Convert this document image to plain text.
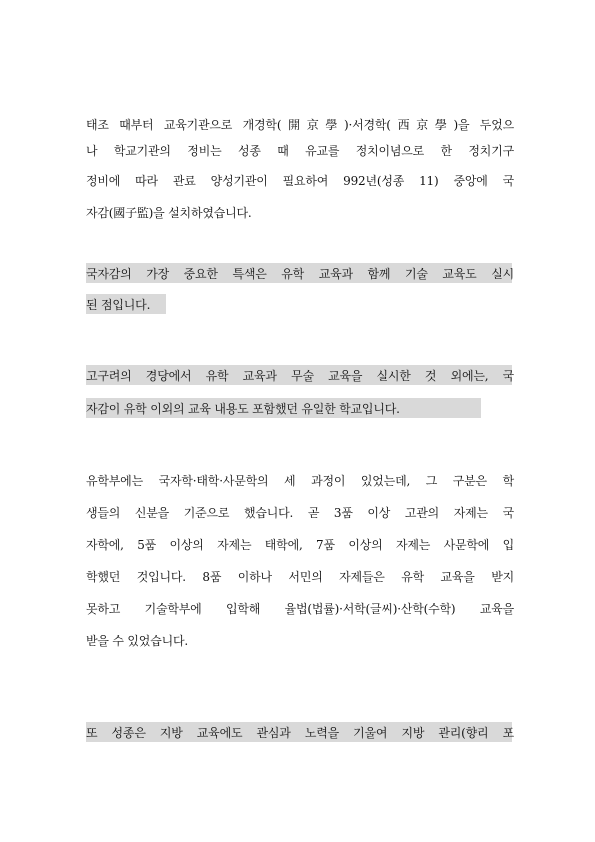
태조 때부터 교육기관으로 개경학(開京學)·서경학(西京學)을 두었으
나 학교기관의 정비는 성종 때 유교를 정치이념으로 한 정치기구
정비에 따라 관료 양성기관이 필요하여 992년(성종 11) 중앙에 국
자감(國子監)을 설치하였습니다.
국자감의 가장 중요한 특색은 유학 교육과 함께 기술 교육도 실시
된 점입니다.
고구려의 경당에서 유학 교육과 무술 교육을 실시한 것 외에는, 국
자감이 유학 이외의 교육 내용도 포함했던 유일한 학교입니다.
유학부에는 국자학·태학·사문학의 세 과정이 있었는데, 그 구분은 학
생들의 신분을 기준으로 했습니다. 곧 3품 이상 고관의 자제는 국
자학에, 5품 이상의 자제는 태학에, 7품 이상의 자제는 사문학에 입
학했던 것입니다. 8품 이하나 서민의 자제들은 유학 교육을 받지
못하고 기술학부에 입학해 율법(법률)·서학(글씨)·산학(수학) 교육을
받을 수 있었습니다.
또 성종은 지방 교육에도 관심과 노력을 기울여 지방 관리(향리 포
